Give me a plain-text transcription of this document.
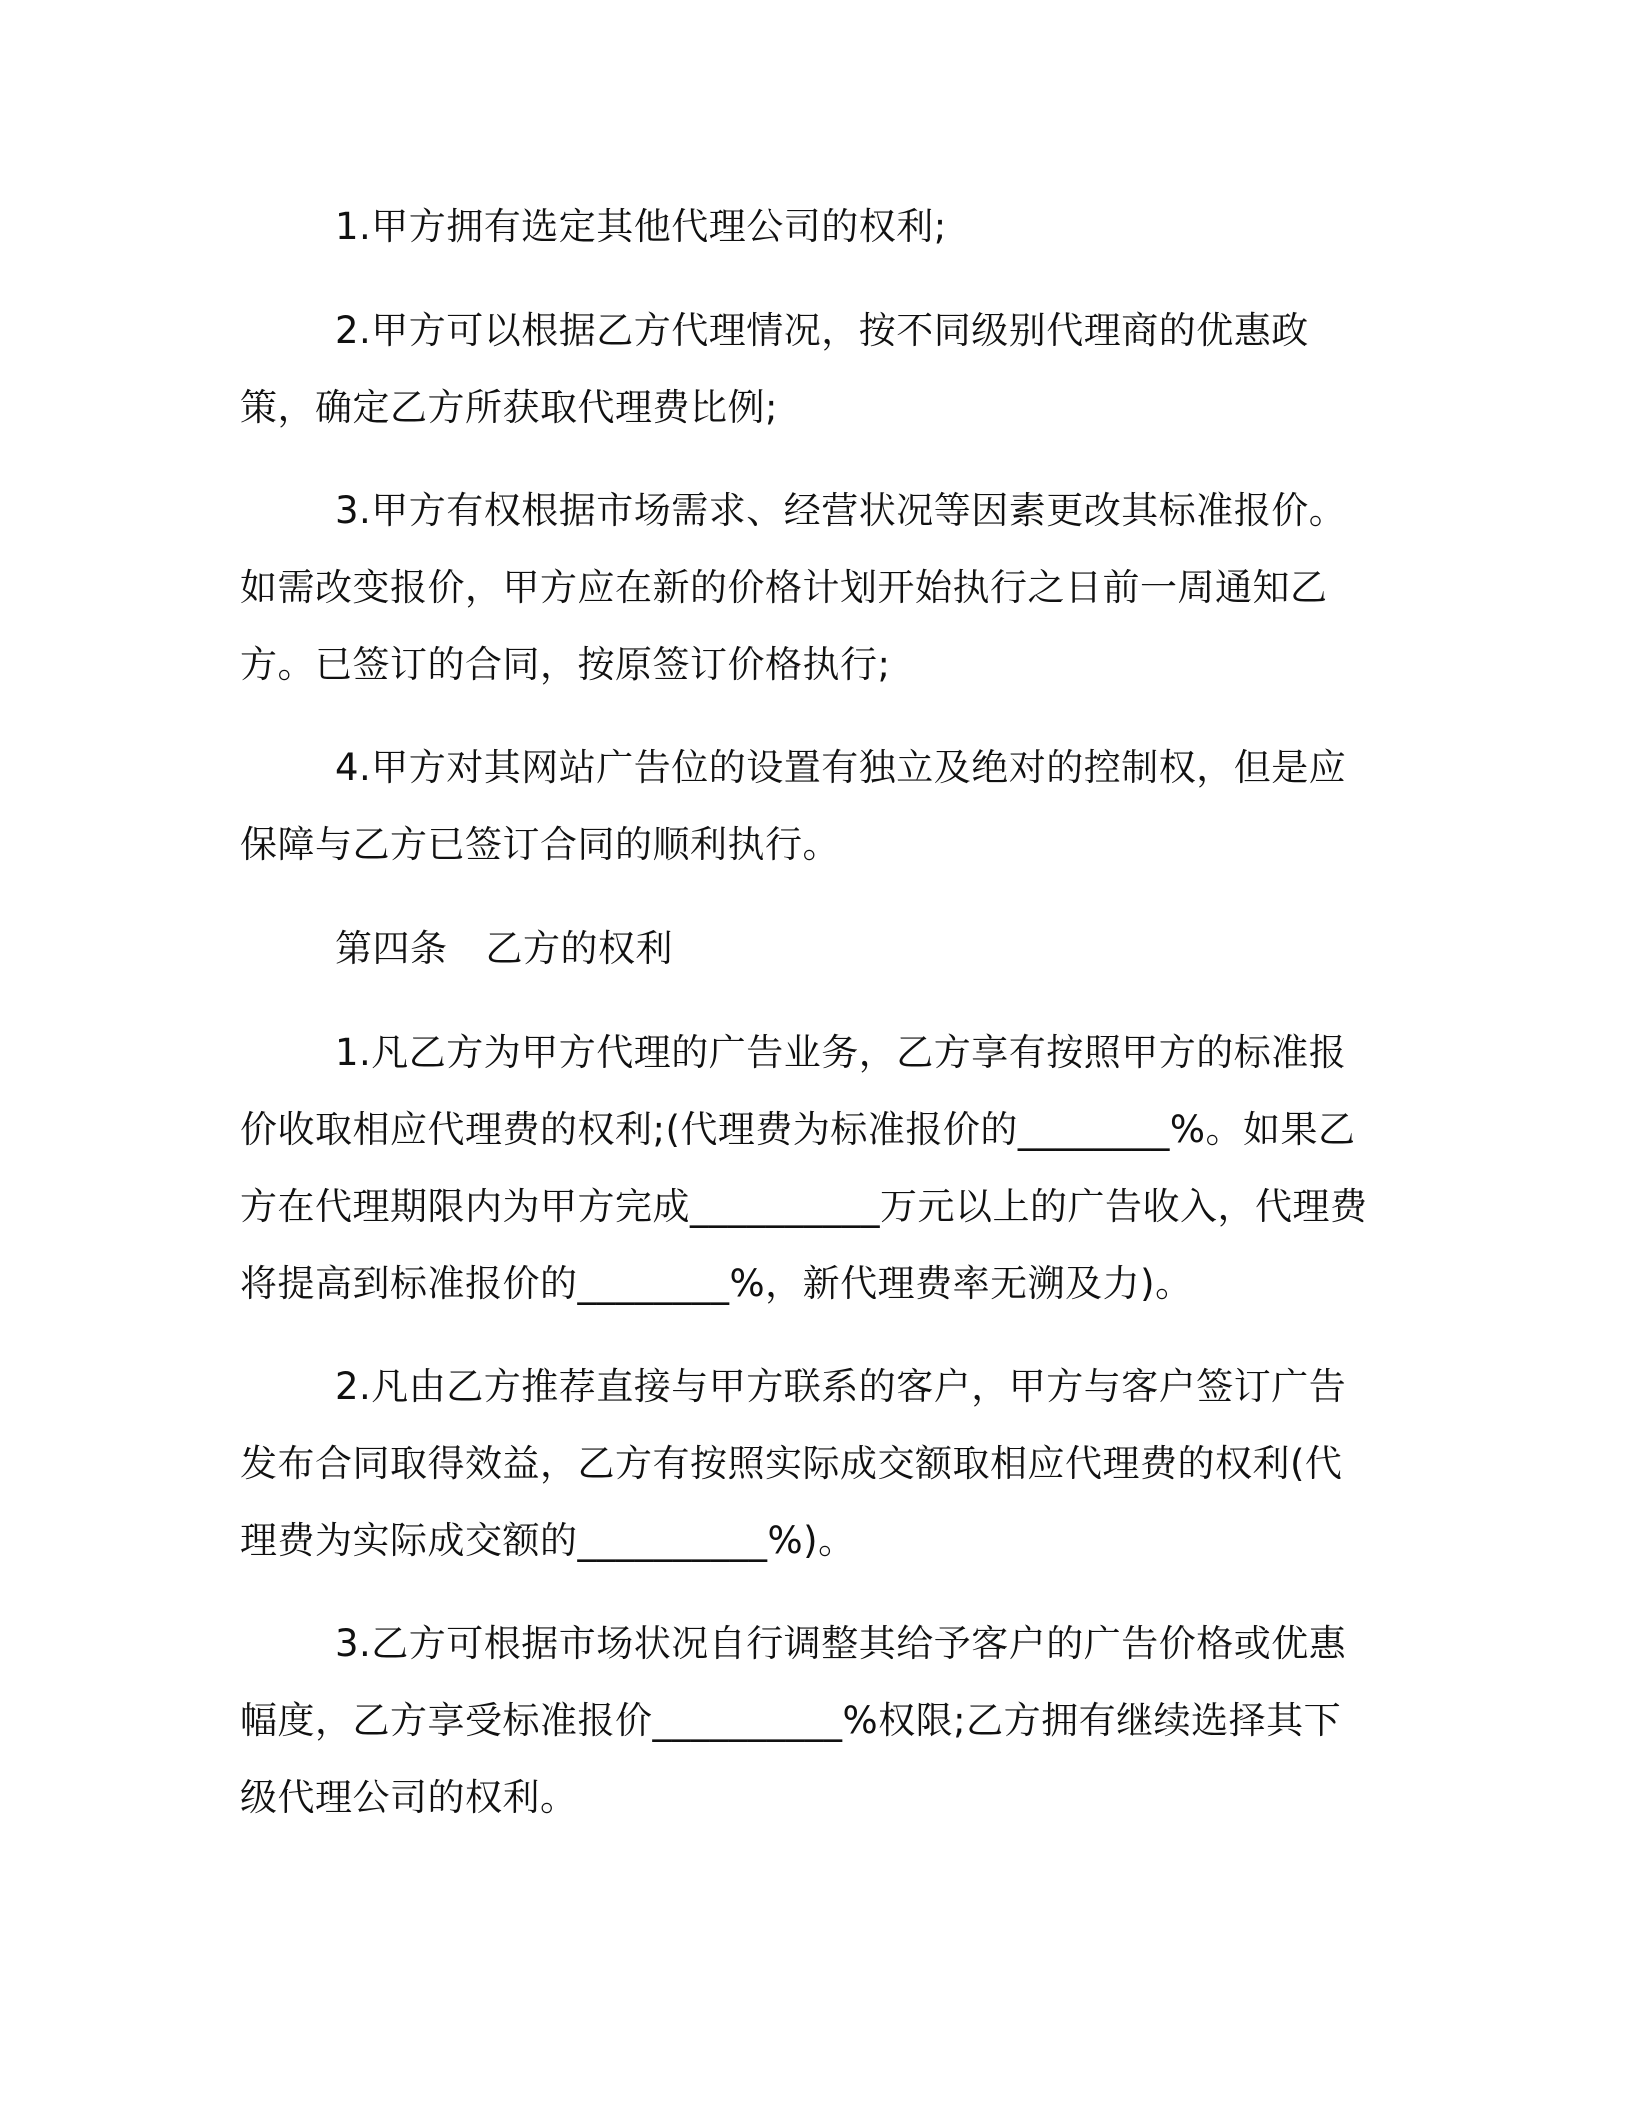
1.甲方拥有选定其他代理公司的权利;

2.甲方可以根据乙方代理情况，按不同级别代理商的优惠政策，确定乙方所获取代理费比例;

3.甲方有权根据市场需求、经营状况等因素更改其标准报价。如需改变报价，甲方应在新的价格计划开始执行之日前一周通知乙方。已签订的合同，按原签订价格执行;

4.甲方对其网站广告位的设置有独立及绝对的控制权，但是应保障与乙方已签订合同的顺利执行。

第四条 乙方的权利

1.凡乙方为甲方代理的广告业务，乙方享有按照甲方的标准报价收取相应代理费的权利;(代理费为标准报价的________%。如果乙方在代理期限内为甲方完成__________万元以上的广告收入，代理费将提高到标准报价的________%，新代理费率无溯及力)。

2.凡由乙方推荐直接与甲方联系的客户，甲方与客户签订广告发布合同取得效益，乙方有按照实际成交额取相应代理费的权利(代理费为实际成交额的__________%)。

3.乙方可根据市场状况自行调整其给予客户的广告价格或优惠幅度，乙方享受标准报价__________%权限;乙方拥有继续选择其下级代理公司的权利。
